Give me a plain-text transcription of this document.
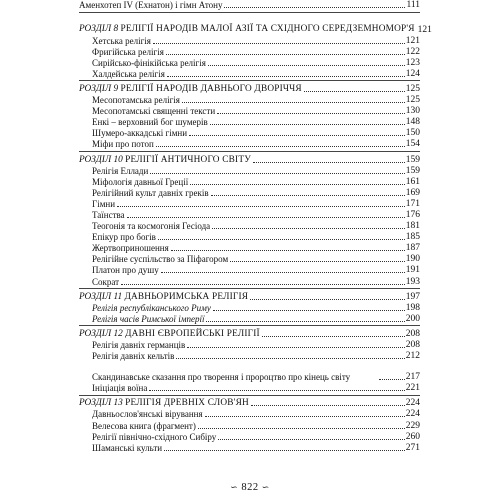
Аменхотеп IV (Ехнатон) і гімн Атону	111
РОЗДІЛ 8 РЕЛІГІЇ НАРОДІВ МАЛОЇ АЗІЇ ТА СХІДНОГО СЕРЕДЗЕМНОМОР'Я 121
Хетська релігія	121
Фригійська релігія	122
Сирійсько-фінікійська релігія	123
Халдейська релігія	124
РОЗДІЛ 9 РЕЛІГІЇ НАРОДІВ ДАВНЬОГО ДВОРІЧЧЯ	125
Месопотамська релігія	125
Месопотамські священні тексти	130
Енкі – верховний бог шумерів	148
Шумеро-аккадські гімни	150
Міфи про потоп	154
РОЗДІЛ 10 РЕЛІГІЇ АНТИЧНОГО СВІТУ	159
Релігія Еллади	159
Міфологія давньої Греції	161
Релігійний культ давніх греків	169
Гімни	171
Таїнства	176
Теогонія та космогонія Гесіода	181
Епікур про богів	185
Жертвоприношення	187
Релігійне суспільство за Піфагором	190
Платон про душу	191
Сократ	193
РОЗДІЛ 11 ДАВНЬОРИМСЬКА РЕЛІГІЯ	197
Релігія республіканського Риму	198
Релігія часів Римської імперії	200
РОЗДІЛ 12 ДАВНІ ЄВРОПЕЙСЬКІ РЕЛІГІЇ	208
Релігія давніх германців	208
Релігія давніх кельтів	212
Скандинавське сказання про творення і пророцтво про кінець світу	217
Ініціація воїна	221
РОЗДІЛ 13 РЕЛІГІЯ ДРЕВНІХ СЛОВ'ЯН	224
Давньослов'янські вірування	224
Велесова книга (фрагмент)	229
Релігії північно-східного Сибіру	260
Шаманські культи	271
∽ 822 ∽
